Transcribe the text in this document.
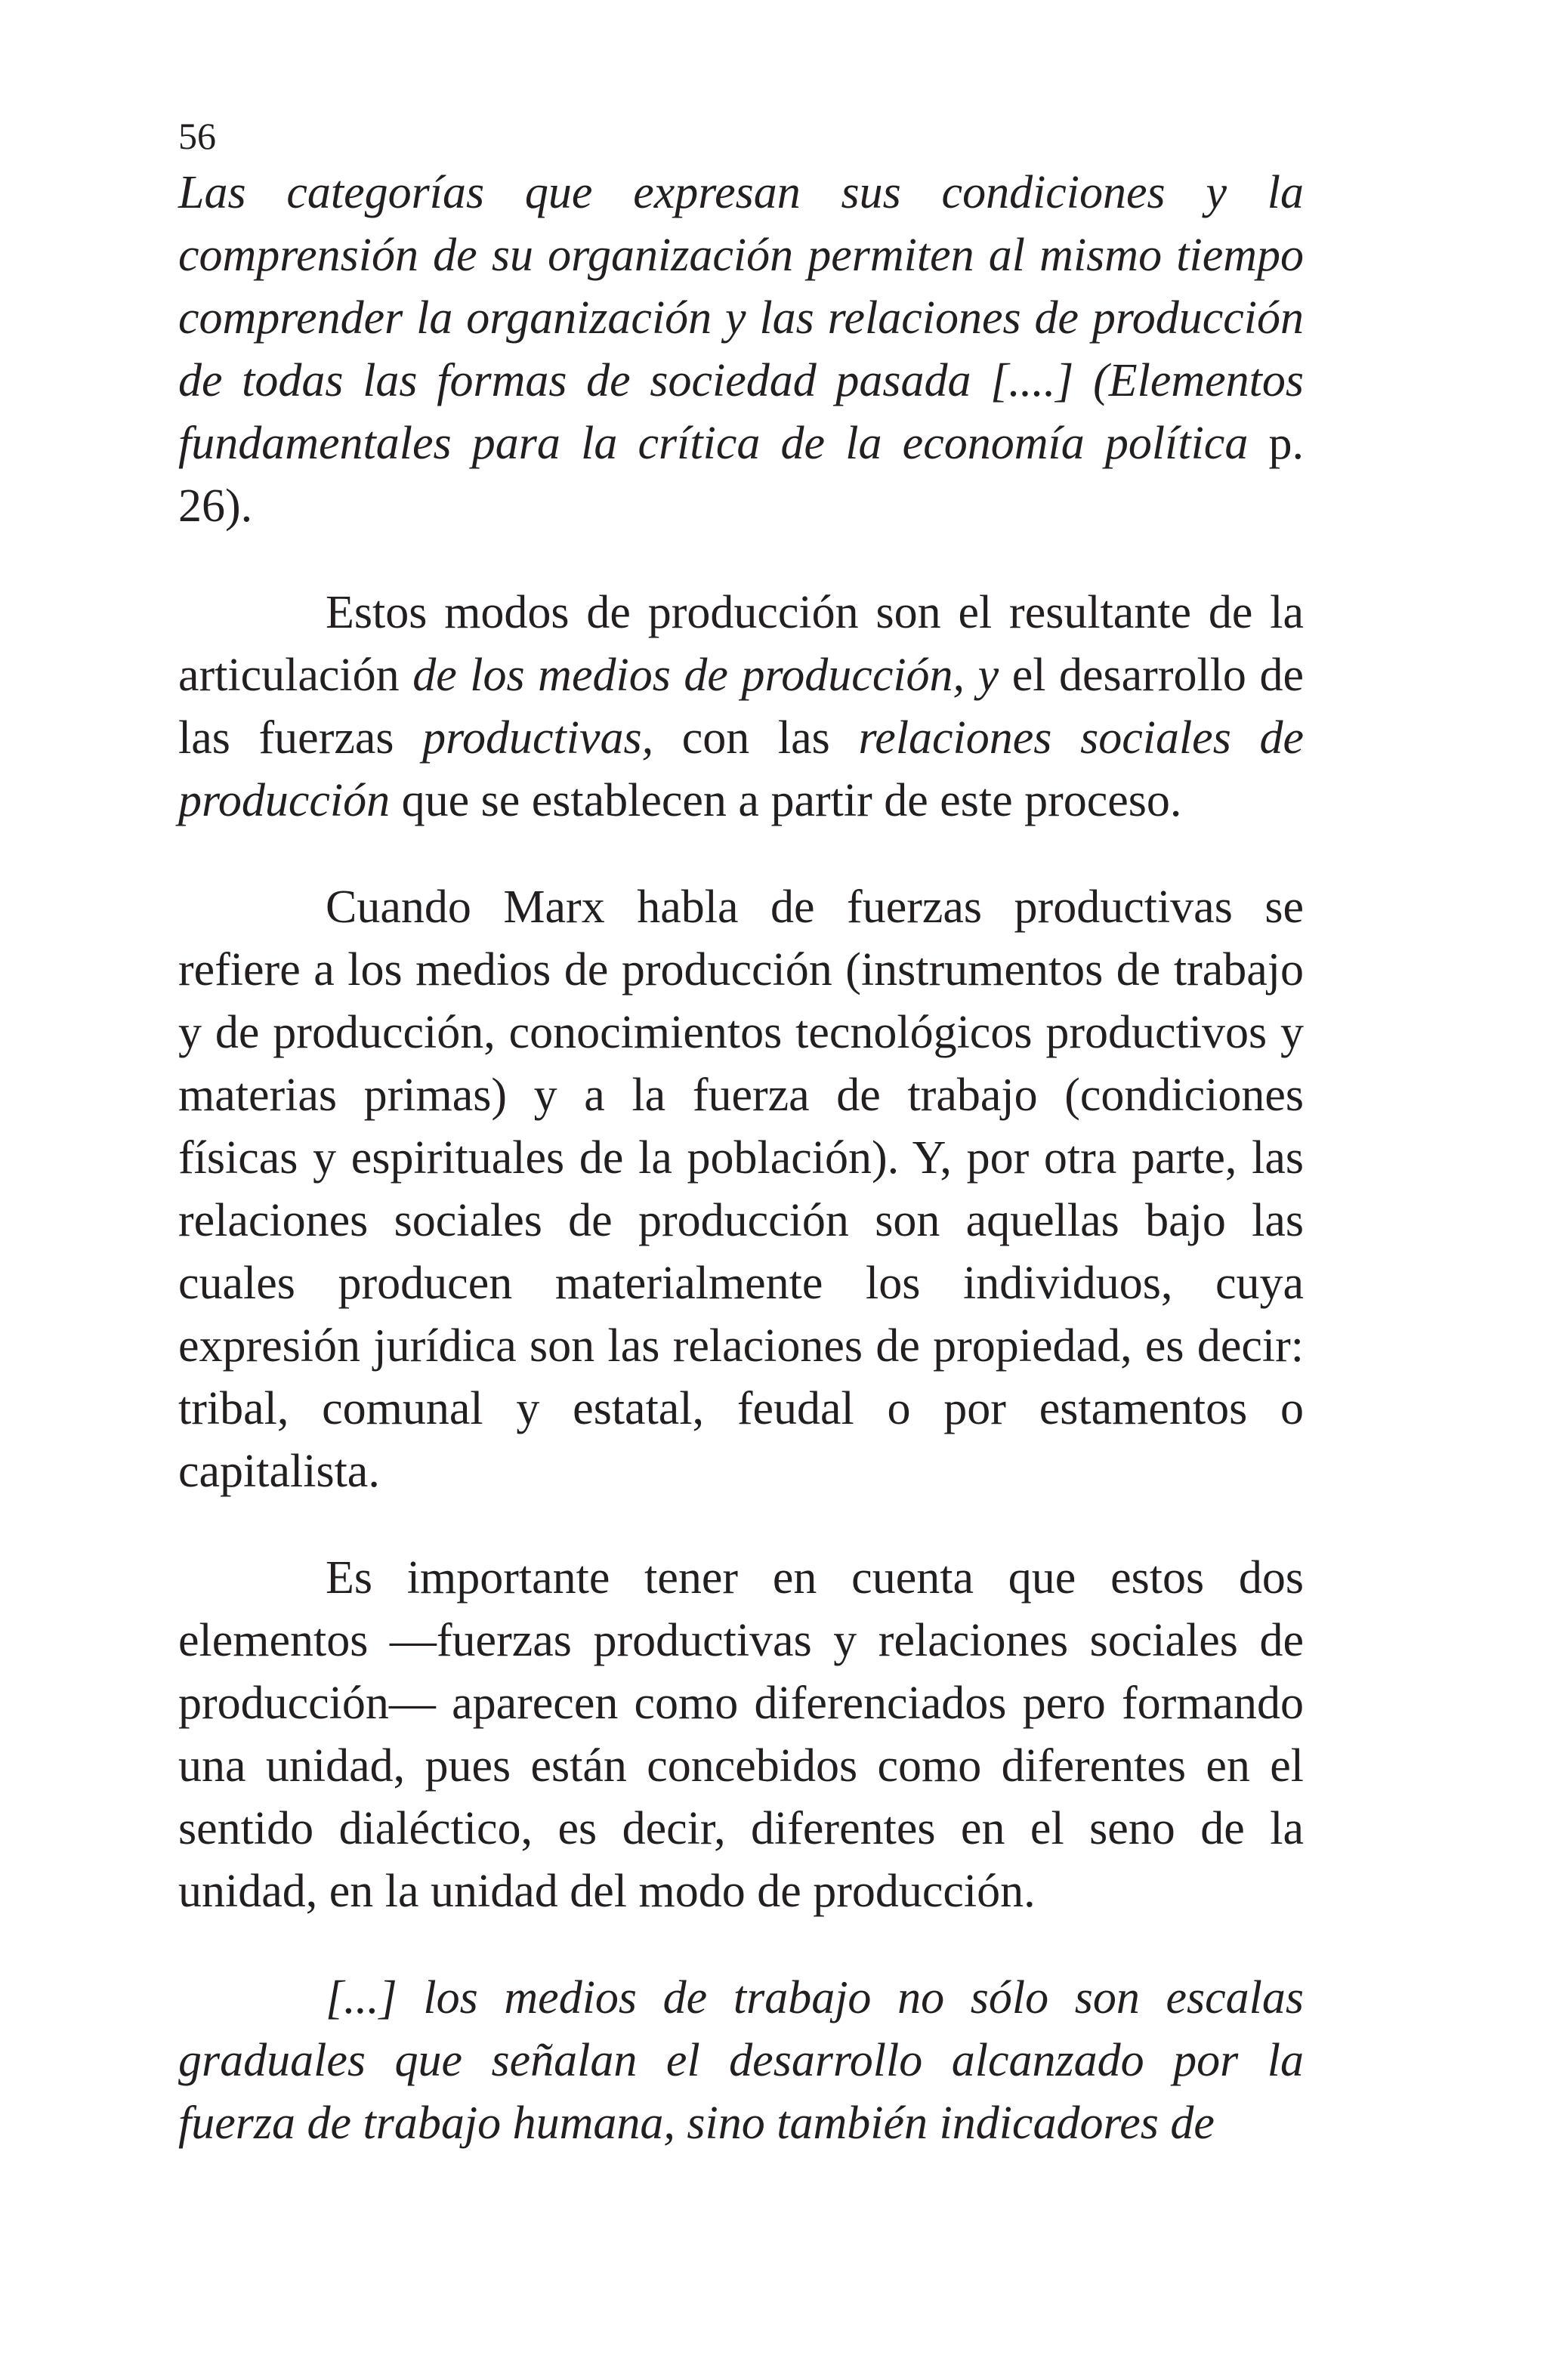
56

Las categorías que expresan sus condiciones y la comprensión de su organización permiten al mismo tiempo comprender la organización y las relaciones de producción de todas las formas de sociedad pasada [....] (Elementos fundamentales para la crítica de la economía política p. 26).

Estos modos de producción son el resultante de la articulación de los medios de producción, y el desarrollo de las fuerzas productivas, con las relaciones sociales de producción que se establecen a partir de este proceso.

Cuando Marx habla de fuerzas productivas se refiere a los medios de producción (instrumentos de trabajo y de producción, conocimientos tecnológicos productivos y materias primas) y a la fuerza de trabajo (condiciones físicas y espirituales de la población). Y, por otra parte, las relaciones sociales de producción son aquellas bajo las cuales producen materialmente los individuos, cuya expresión jurídica son las relaciones de propiedad, es decir: tribal, comunal y estatal, feudal o por estamentos o capitalista.

Es importante tener en cuenta que estos dos elementos —fuerzas productivas y relaciones sociales de producción— aparecen como diferenciados pero formando una unidad, pues están concebidos como diferentes en el sentido dialéctico, es decir, diferentes en el seno de la unidad, en la unidad del modo de producción.

[...] los medios de trabajo no sólo son escalas graduales que señalan el desarrollo alcanzado por la fuerza de trabajo humana, sino también indicadores de
